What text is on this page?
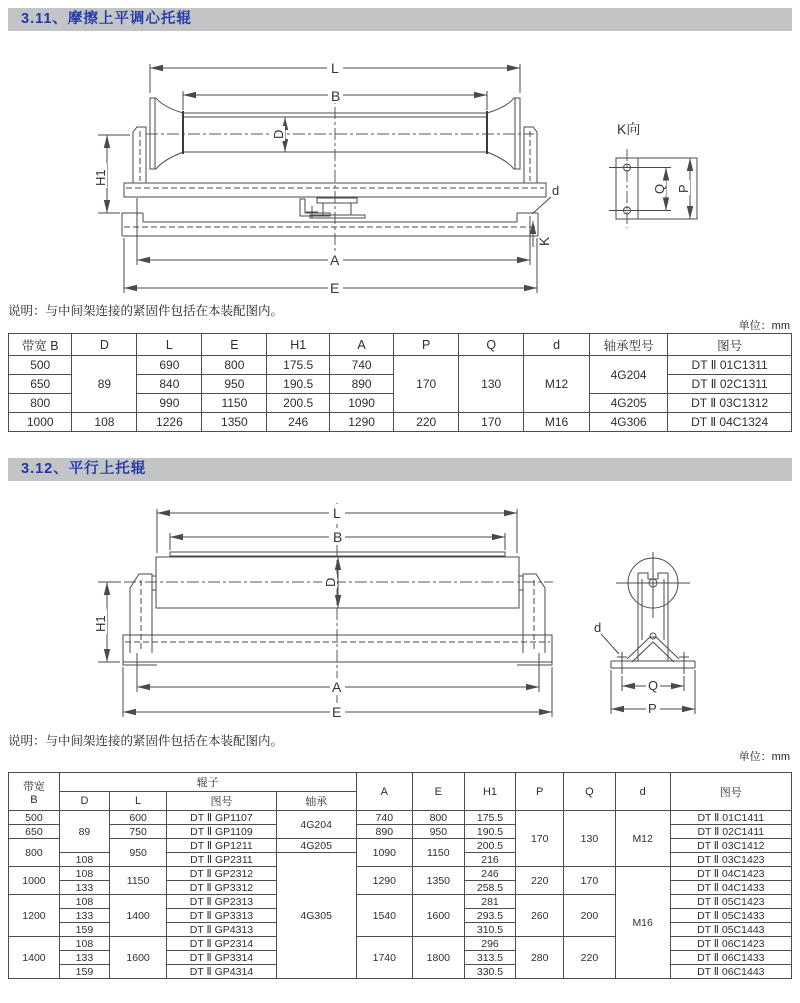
3.11、摩擦上平调心托辊
L
B
D
H1
d
K
A
E
K向
Q P
说明：与中间架连接的紧固件包括在本装配图内。
单位：mm
带宽 B	D	L	E	H1	A	P	Q	d	轴承型号	图号
500	89	690	800	175.5	740	170	130	M12	4G204	DT Ⅱ 01C1311
650		840	950	190.5	890					DT Ⅱ 02C1311
800		990	1150	200.5	1090				4G205	DT Ⅱ 03C1312
1000	108	1226	1350	246	1290	220	170	M16	4G306	DT Ⅱ 04C1324
3.12、平行上托辊
L
B
D
H1
A
E
d
Q
P
说明：与中间架连接的紧固件包括在本装配图内。
单位：mm
带宽
B	辊子				A	E	H1	P	Q	d	图号
	D	L	图号	轴承							
500	89	600	DT Ⅱ GP1107	4G204	740	800	175.5	170	130	M12	DT Ⅱ 01C1411
650		750	DT Ⅱ GP1109		890	950	190.5				DT Ⅱ 02C1411
800		950	DT Ⅱ GP1211	4G205	1090	1150	200.5				DT Ⅱ 03C1412
	108		DT Ⅱ GP2311	4G305			216				DT Ⅱ 03C1423
1000	108	1150	DT Ⅱ GP2312		1290	1350	246	220	170	M16	DT Ⅱ 04C1423
	133		DT Ⅱ GP3312				258.5				DT Ⅱ 04C1433
1200	108	1400	DT Ⅱ GP2313		1540	1600	281	260	200		DT Ⅱ 05C1423
	133		DT Ⅱ GP3313				293.5				DT Ⅱ 05C1433
	159		DT Ⅱ GP4313				310.5				DT Ⅱ 05C1443
1400	108	1600	DT Ⅱ GP2314		1740	1800	296	280	220		DT Ⅱ 06C1423
	133		DT Ⅱ GP3314				313.5				DT Ⅱ 06C1433
	159		DT Ⅱ GP4314				330.5				DT Ⅱ 06C1443
